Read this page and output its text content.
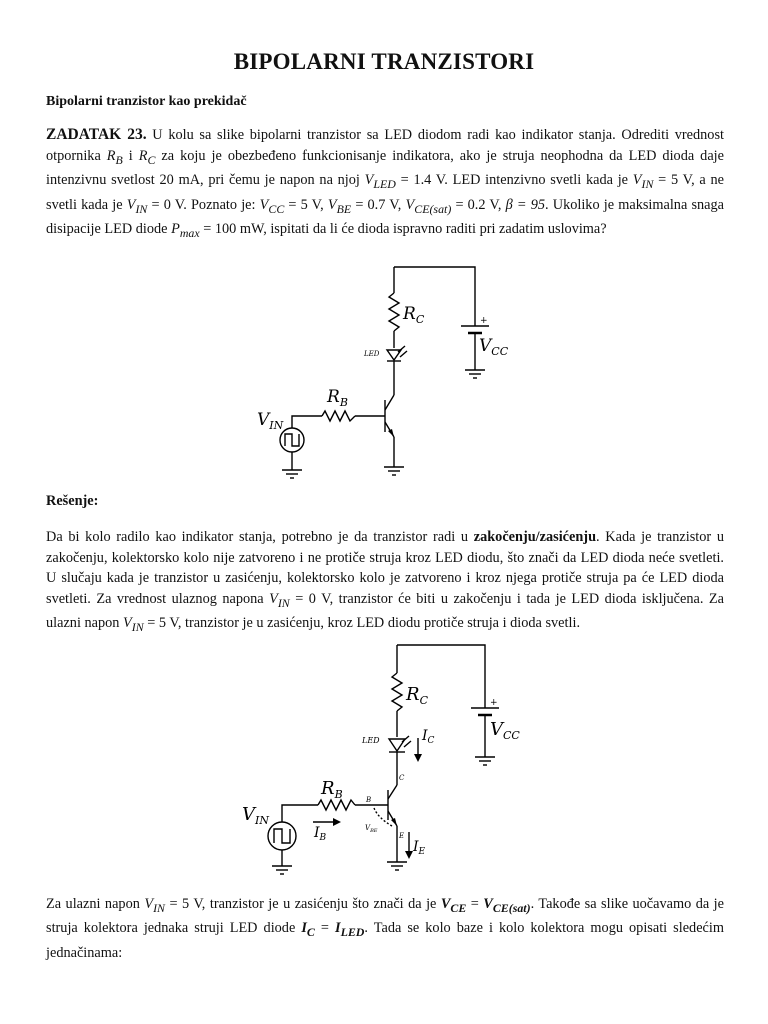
BIPOLARNI TRANZISTORI
Bipolarni tranzistor kao prekidač
ZADATAK 23. U kolu sa slike bipolarni tranzistor sa LED diodom radi kao indikator stanja. Odrediti vrednost otpornika $R_B$ i $R_C$ za koju je obezbeđeno funkcionisanje indikatora, ako je struja neophodna da LED dioda daje intenzivnu svetlost 20 mA, pri čemu je napon na njoj $V_{LED} = 1.4$ V. LED intenzivno svetli kada je $V_{IN} = 5$ V, a ne svetli kada je $V_{IN} = 0$ V. Poznato je: $V_{CC} = 5$ V, $V_{BE} = 0.7$ V, $V_{CE(sat)} = 0.2$ V, β = 95. Ukoliko je maksimalna snaga disipacije LED diode $P_{max} = 100$ mW, ispitati da li će dioda ispravno raditi pri zadatim uslovima?
+
$R_C$
$V_{CC}$
LED
$R_B$
$V_{IN}$
Rešenje:
Da bi kolo radilo kao indikator stanja, potrebno je da tranzistor radi u zakočenju/zasićenju. Kada je tranzistor u zakočenju, kolektorsko kolo nije zatvoreno i ne protiče struja kroz LED diodu, što znači da LED dioda neće svetleti. U slučaju kada je tranzistor u zasićenju, kolektorsko kolo je zatvoreno i kroz njega protiče struja pa će LED dioda svetleti. Za vrednost ulaznog napona $V_{IN} = 0$ V, tranzistor će biti u zakočenju i tada je LED dioda isključena. Za ulazni napon $V_{IN} = 5$ V, tranzistor je u zasićenju, kroz LED diodu protiče struja i dioda svetli.
+
$R_C$
$V_{CC}$
LED	$I_C$
C
B
E
$V_{BE}$
$R_B$
$V_{IN}$
$I_B$
$I_E$
Za ulazni napon $V_{IN} = 5$ V, tranzistor je u zasićenju što znači da je $V_{CE} = V_{CE(sat)}$. Takođe sa slike uočavamo da je struja kolektora jednaka struji LED diode $I_C = I_{LED}$. Tada se kolo baze i kolo kolektora mogu opisati sledećim jednačinama:
